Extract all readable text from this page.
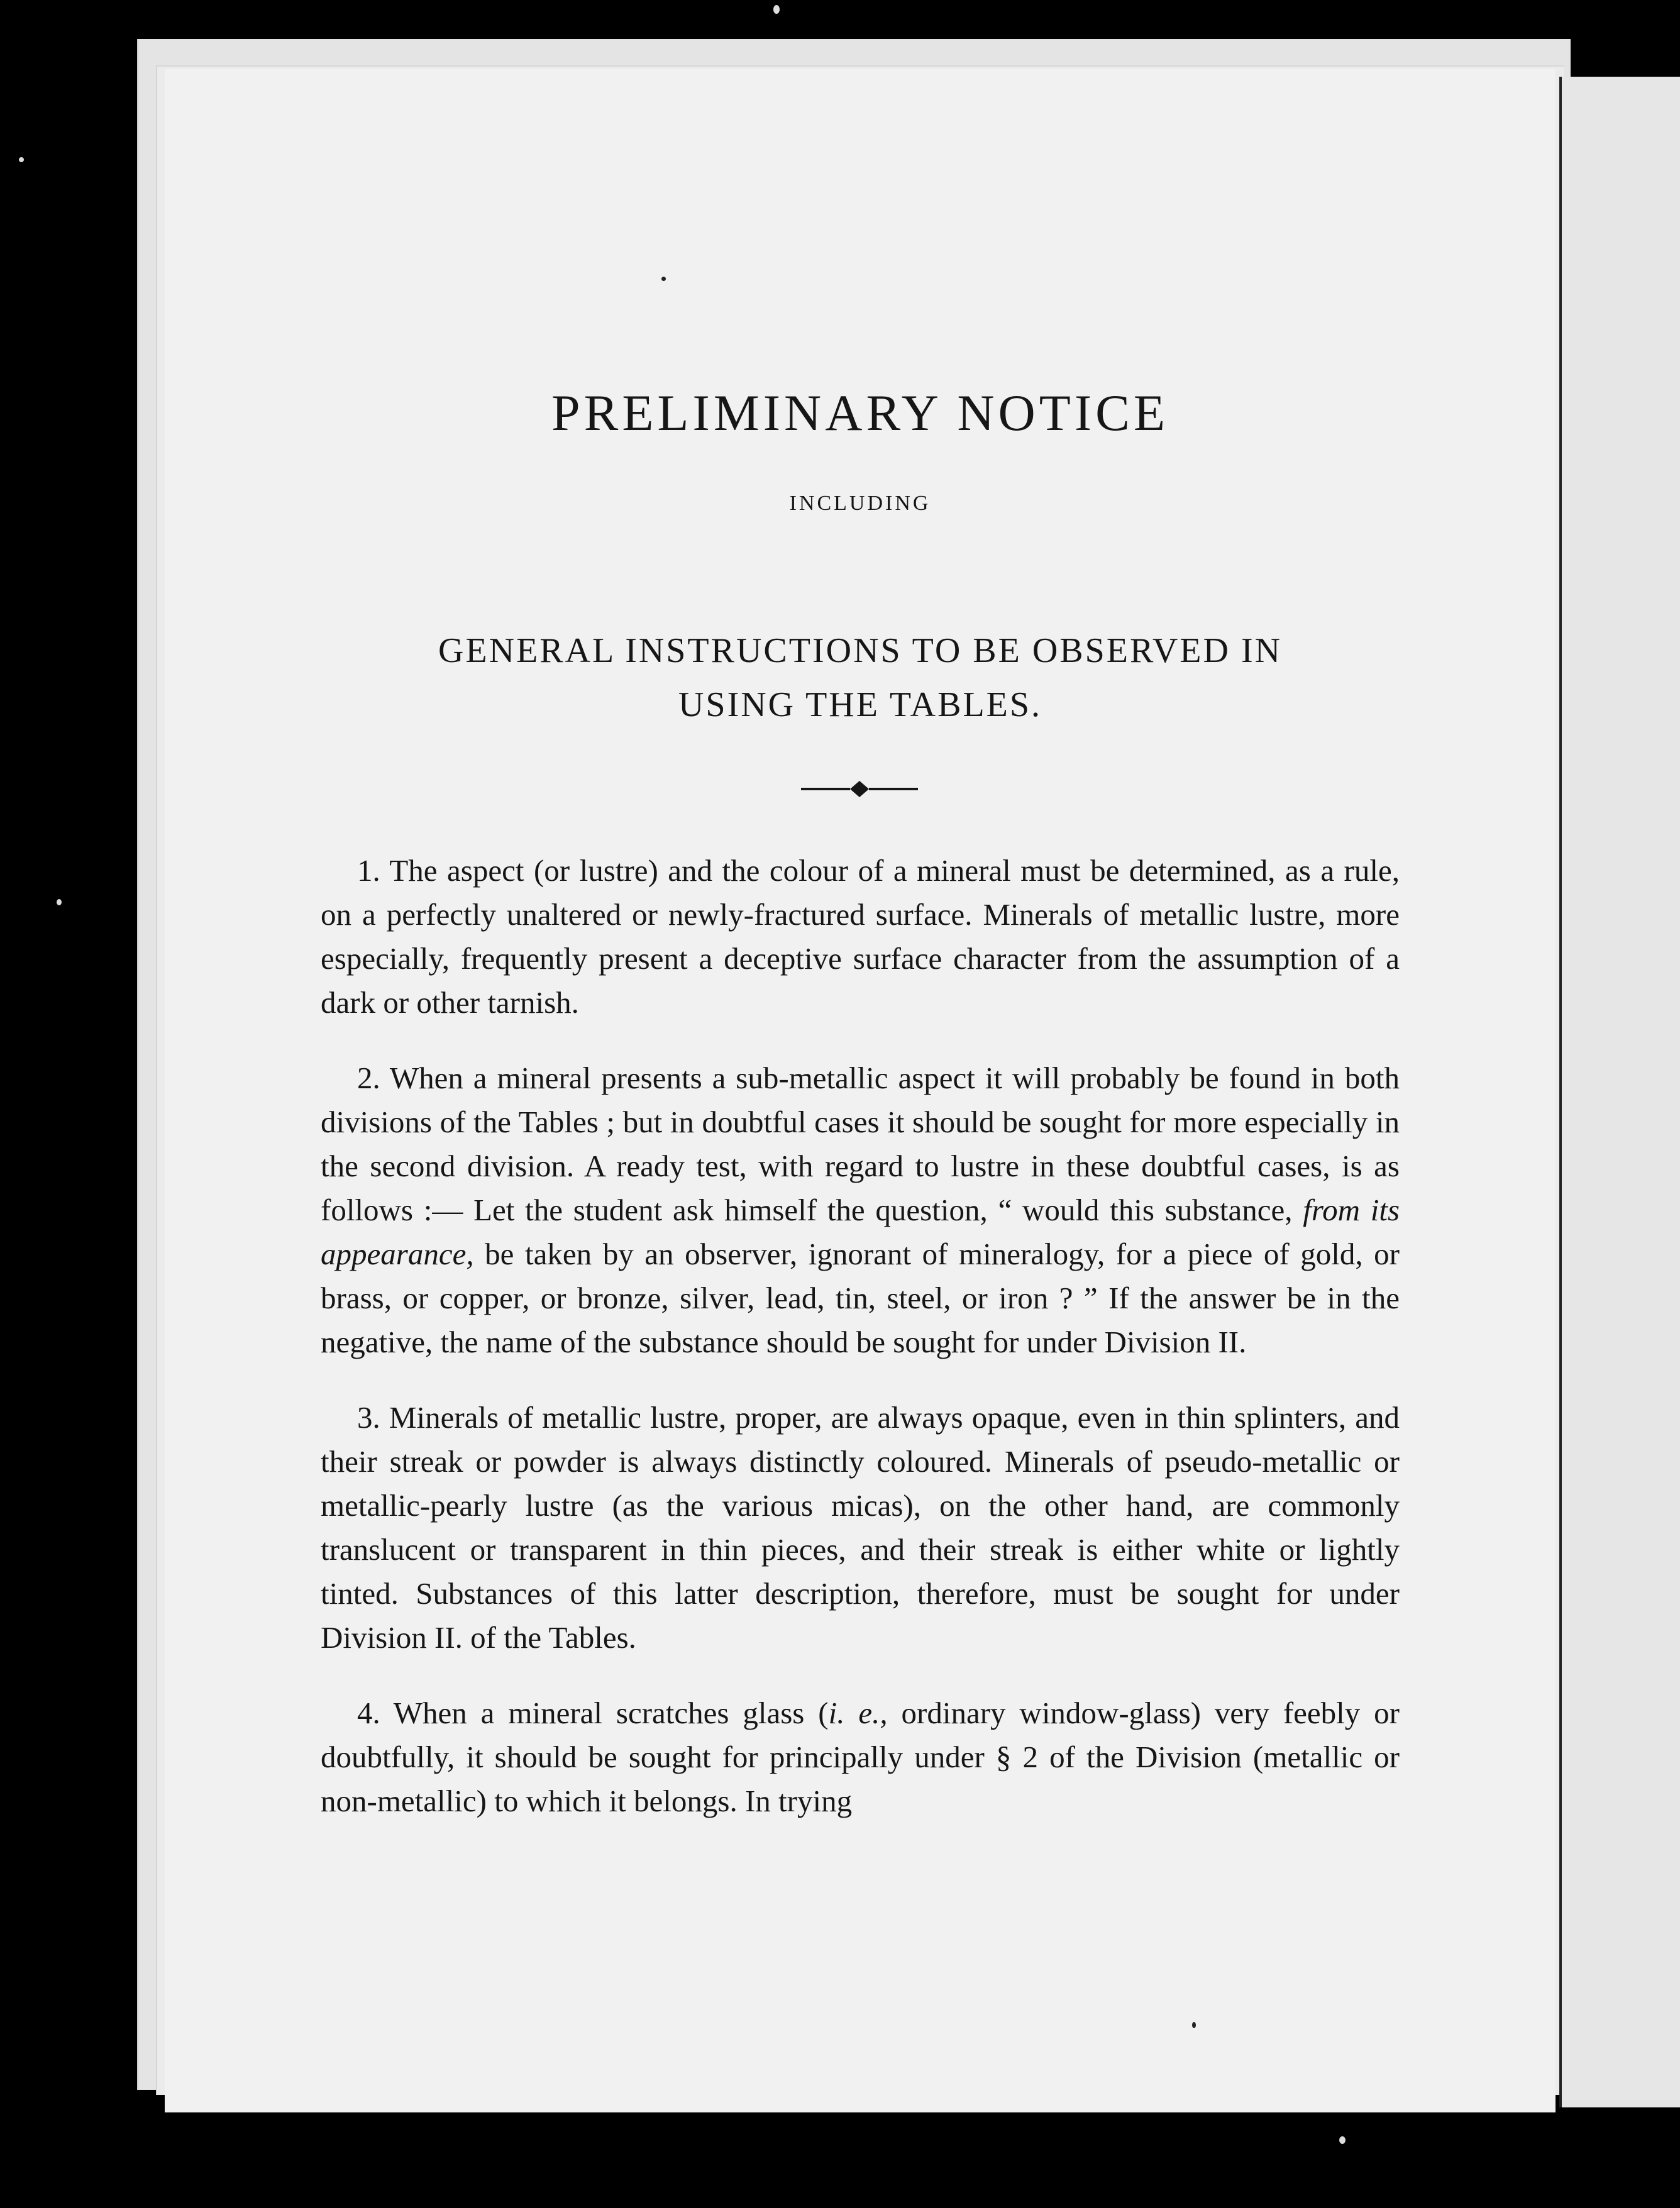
PRELIMINARY NOTICE
INCLUDING
GENERAL INSTRUCTIONS TO BE OBSERVED IN USING THE TABLES.

1. The aspect (or lustre) and the colour of a mineral must be determined, as a rule, on a perfectly unaltered or newly-fractured surface. Minerals of metallic lustre, more especially, frequently present a deceptive surface character from the assumption of a dark or other tarnish.

2. When a mineral presents a sub-metallic aspect it will probably be found in both divisions of the Tables ; but in doubtful cases it should be sought for more especially in the second division. A ready test, with regard to lustre in these doubtful cases, is as follows :— Let the student ask himself the question, “ would this substance, from its appearance, be taken by an observer, ignorant of mineralogy, for a piece of gold, or brass, or copper, or bronze, silver, lead, tin, steel, or iron ? ” If the answer be in the negative, the name of the substance should be sought for under Division II.

3. Minerals of metallic lustre, proper, are always opaque, even in thin splinters, and their streak or powder is always distinctly coloured. Minerals of pseudo-metallic or metallic-pearly lustre (as the various micas), on the other hand, are commonly translucent or transparent in thin pieces, and their streak is either white or lightly tinted. Substances of this latter description, therefore, must be sought for under Division II. of the Tables.

4. When a mineral scratches glass (i. e., ordinary window-glass) very feebly or doubtfully, it should be sought for principally under § 2 of the Division (metallic or non-metallic) to which it belongs. In trying
